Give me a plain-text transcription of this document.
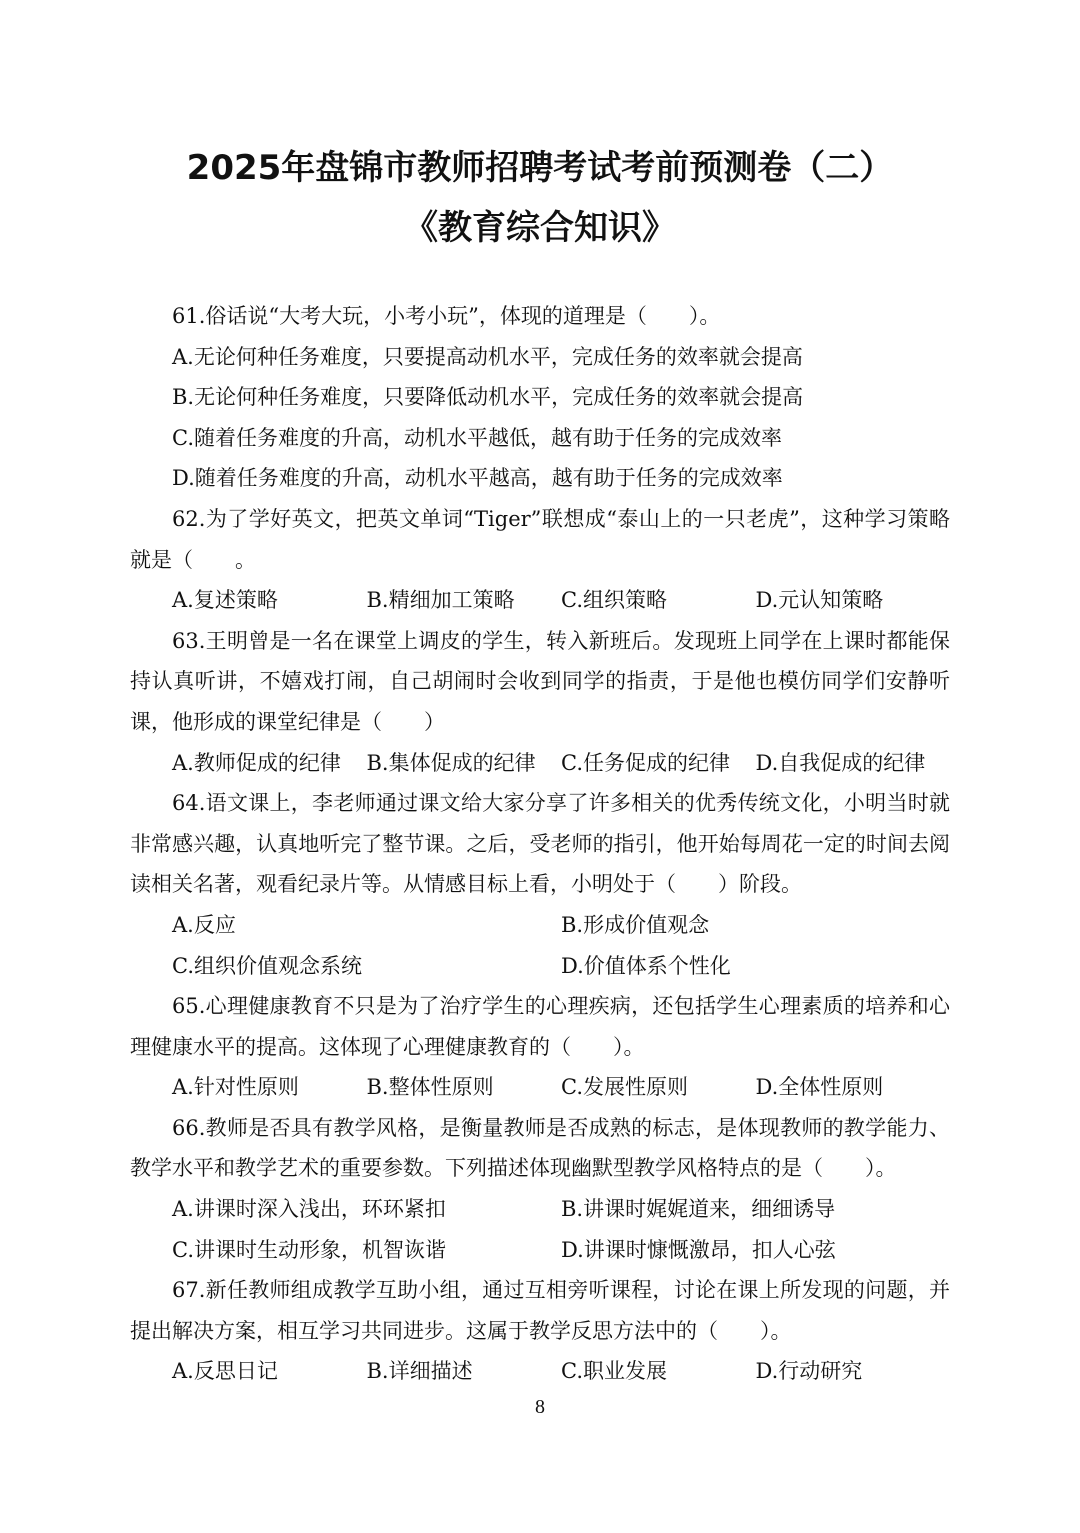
2025年盘锦市教师招聘考试考前预测卷（二）
《教育综合知识》

61.俗话说“大考大玩，小考小玩”，体现的道理是（　　）。

A.无论何种任务难度，只要提高动机水平，完成任务的效率就会提高

B.无论何种任务难度，只要降低动机水平，完成任务的效率就会提高

C.随着任务难度的升高，动机水平越低，越有助于任务的完成效率

D.随着任务难度的升高，动机水平越高，越有助于任务的完成效率

62.为了学好英文，把英文单词“Tiger”联想成“泰山上的一只老虎”，这种学习策略就是（　　。

A.复述策略	B.精细加工策略	C.组织策略	D.元认知策略

63.王明曾是一名在课堂上调皮的学生，转入新班后。发现班上同学在上课时都能保持认真听讲，不嬉戏打闹，自己胡闹时会收到同学的指责，于是他也模仿同学们安静听课，他形成的课堂纪律是（　　）

A.教师促成的纪律	B.集体促成的纪律	C.任务促成的纪律	D.自我促成的纪律

64.语文课上，李老师通过课文给大家分享了许多相关的优秀传统文化，小明当时就非常感兴趣，认真地听完了整节课。之后，受老师的指引，他开始每周花一定的时间去阅读相关名著，观看纪录片等。从情感目标上看，小明处于（　　）阶段。

A.反应	B.形成价值观念
C.组织价值观念系统	D.价值体系个性化

65.心理健康教育不只是为了治疗学生的心理疾病，还包括学生心理素质的培养和心理健康水平的提高。这体现了心理健康教育的（　　）。

A.针对性原则	B.整体性原则	C.发展性原则	D.全体性原则

66.教师是否具有教学风格，是衡量教师是否成熟的标志，是体现教师的教学能力、教学水平和教学艺术的重要参数。下列描述体现幽默型教学风格特点的是（　　）。

A.讲课时深入浅出，环环紧扣	B.讲课时娓娓道来，细细诱导
C.讲课时生动形象，机智诙谐	D.讲课时慷慨激昂，扣人心弦

67.新任教师组成教学互助小组，通过互相旁听课程，讨论在课上所发现的问题，并提出解决方案，相互学习共同进步。这属于教学反思方法中的（　　）。

A.反思日记	B.详细描述	C.职业发展	D.行动研究
8
